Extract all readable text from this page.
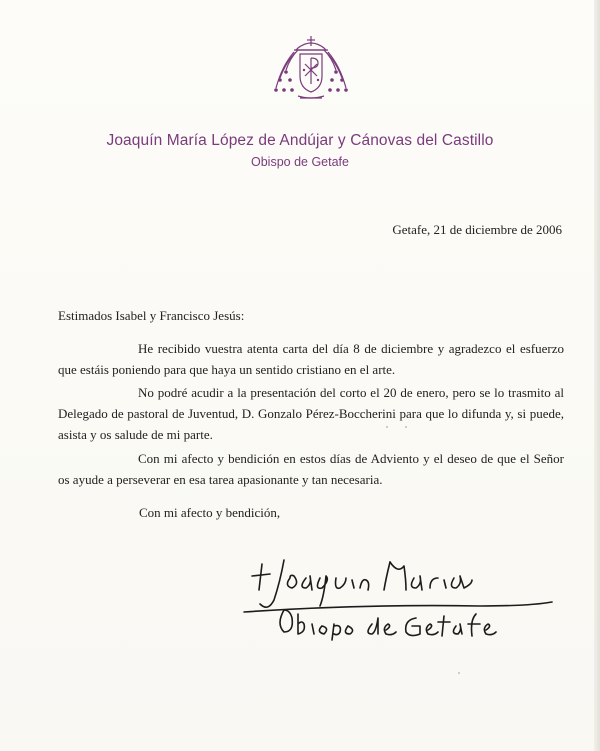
Joaquín María López de Andújar y Cánovas del Castillo
Obispo de Getafe
Getafe, 21 de diciembre de 2006
Estimados Isabel y Francisco Jesús:
He recibido vuestra atenta carta del día 8 de diciembre y agradezco el esfuerzo que estáis poniendo para que haya un sentido cristiano en el arte.
No podré acudir a la presentación del corto el 20 de enero, pero se lo trasmito al Delegado de pastoral de Juventud, D. Gonzalo Pérez-Boccherini para que lo difunda y, si puede, asista y os salude de mi parte.
Con mi afecto y bendición en estos días de Adviento y el deseo de que el Señor os ayude a perseverar en esa tarea apasionante y tan necesaria.
Con mi afecto y bendición,
